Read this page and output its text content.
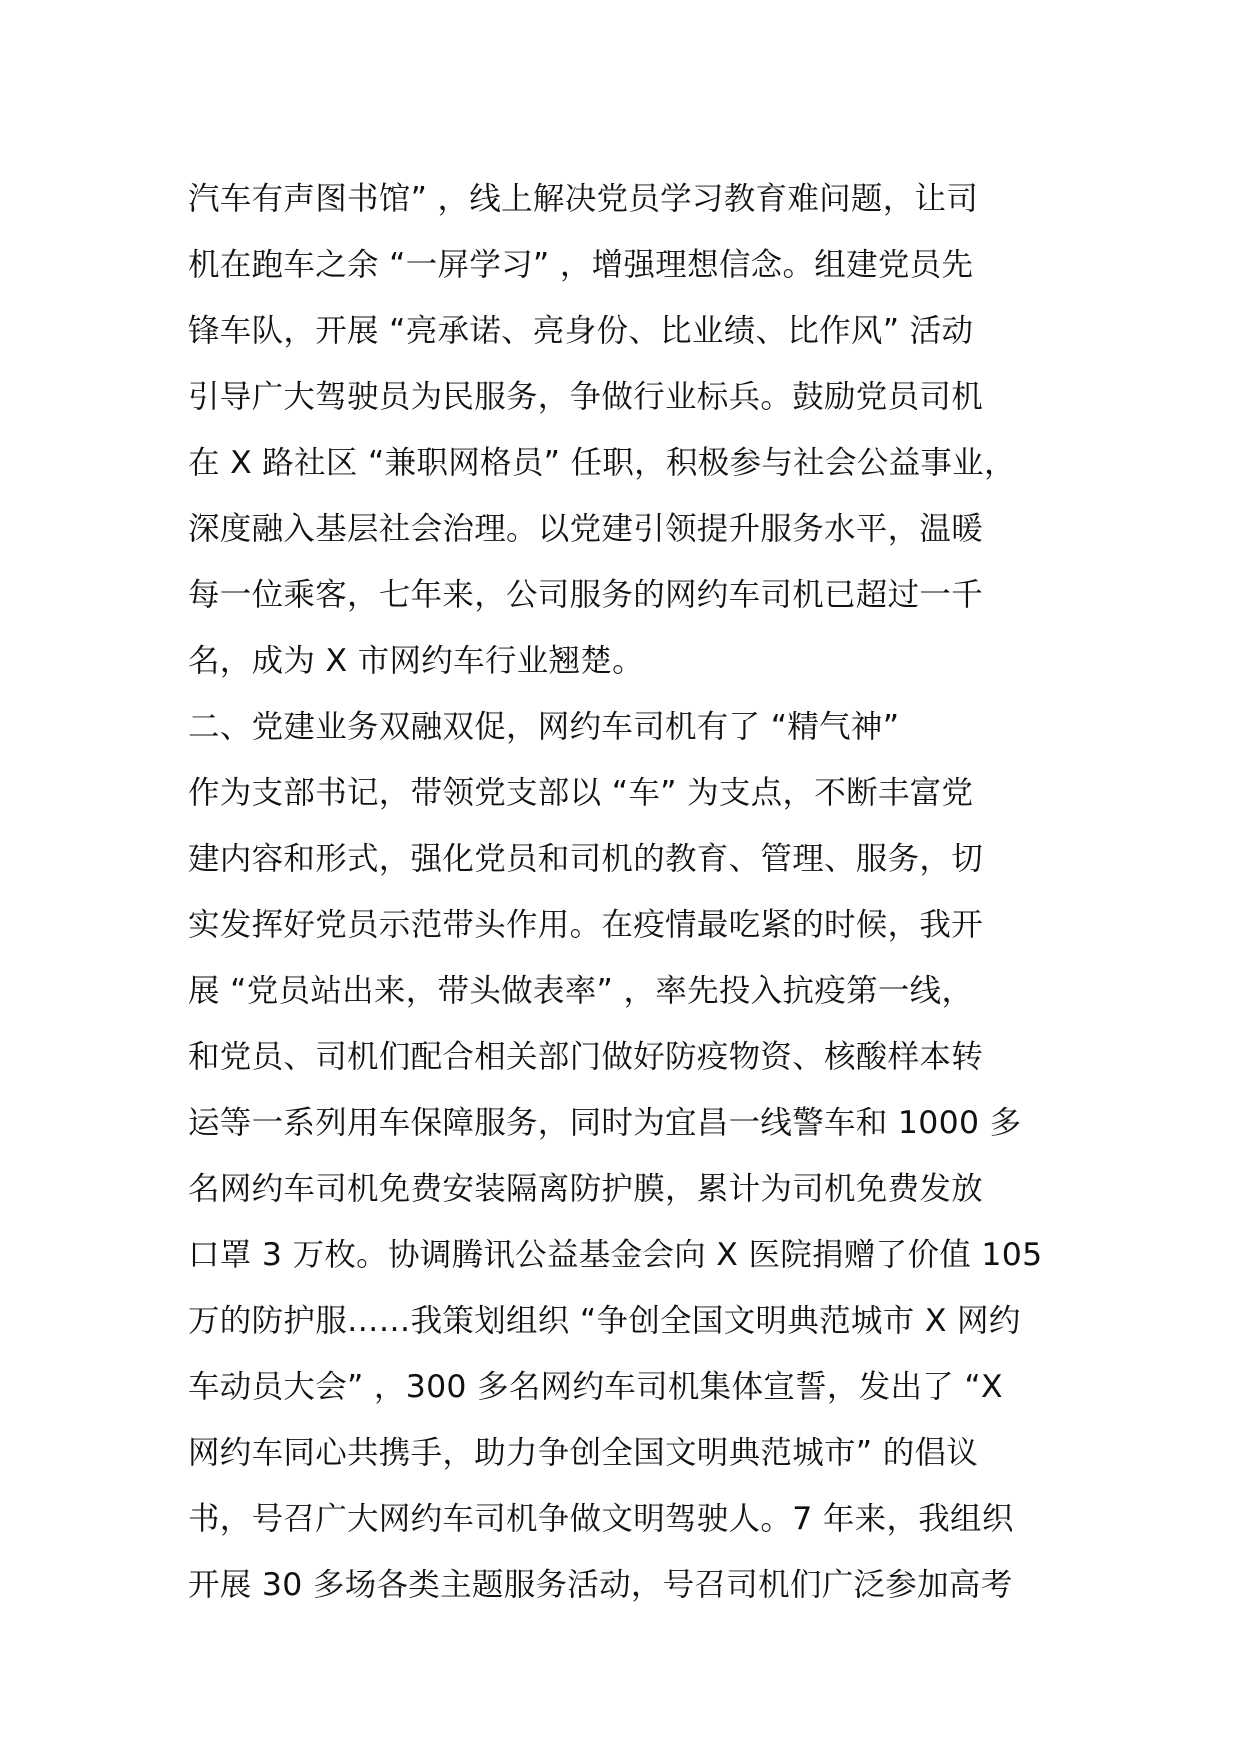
汽车有声图书馆” ，线上解决党员学习教育难问题，让司
机在跑车之余 “一屏学习” ，增强理想信念。组建党员先
锋车队，开展 “亮承诺、亮身份、比业绩、比作风” 活动
引导广大驾驶员为民服务，争做行业标兵。鼓励党员司机
在 X 路社区 “兼职网格员” 任职，积极参与社会公益事业，
深度融入基层社会治理。以党建引领提升服务水平，温暖
每一位乘客，七年来，公司服务的网约车司机已超过一千
名，成为 X 市网约车行业翘楚。
二、党建业务双融双促，网约车司机有了 “精气神”
作为支部书记，带领党支部以 “车” 为支点，不断丰富党
建内容和形式，强化党员和司机的教育、管理、服务，切
实发挥好党员示范带头作用。在疫情最吃紧的时候，我开
展 “党员站出来，带头做表率” ，率先投入抗疫第一线，
和党员、司机们配合相关部门做好防疫物资、核酸样本转
运等一系列用车保障服务，同时为宜昌一线警车和 1000 多
名网约车司机免费安装隔离防护膜，累计为司机免费发放
口罩 3 万枚。协调腾讯公益基金会向 X 医院捐赠了价值 105
万的防护服……我策划组织 “争创全国文明典范城市 X 网约
车动员大会” ，300 多名网约车司机集体宣誓，发出了 “X
网约车同心共携手，助力争创全国文明典范城市” 的倡议
书，号召广大网约车司机争做文明驾驶人。7 年来，我组织
开展 30 多场各类主题服务活动，号召司机们广泛参加高考
